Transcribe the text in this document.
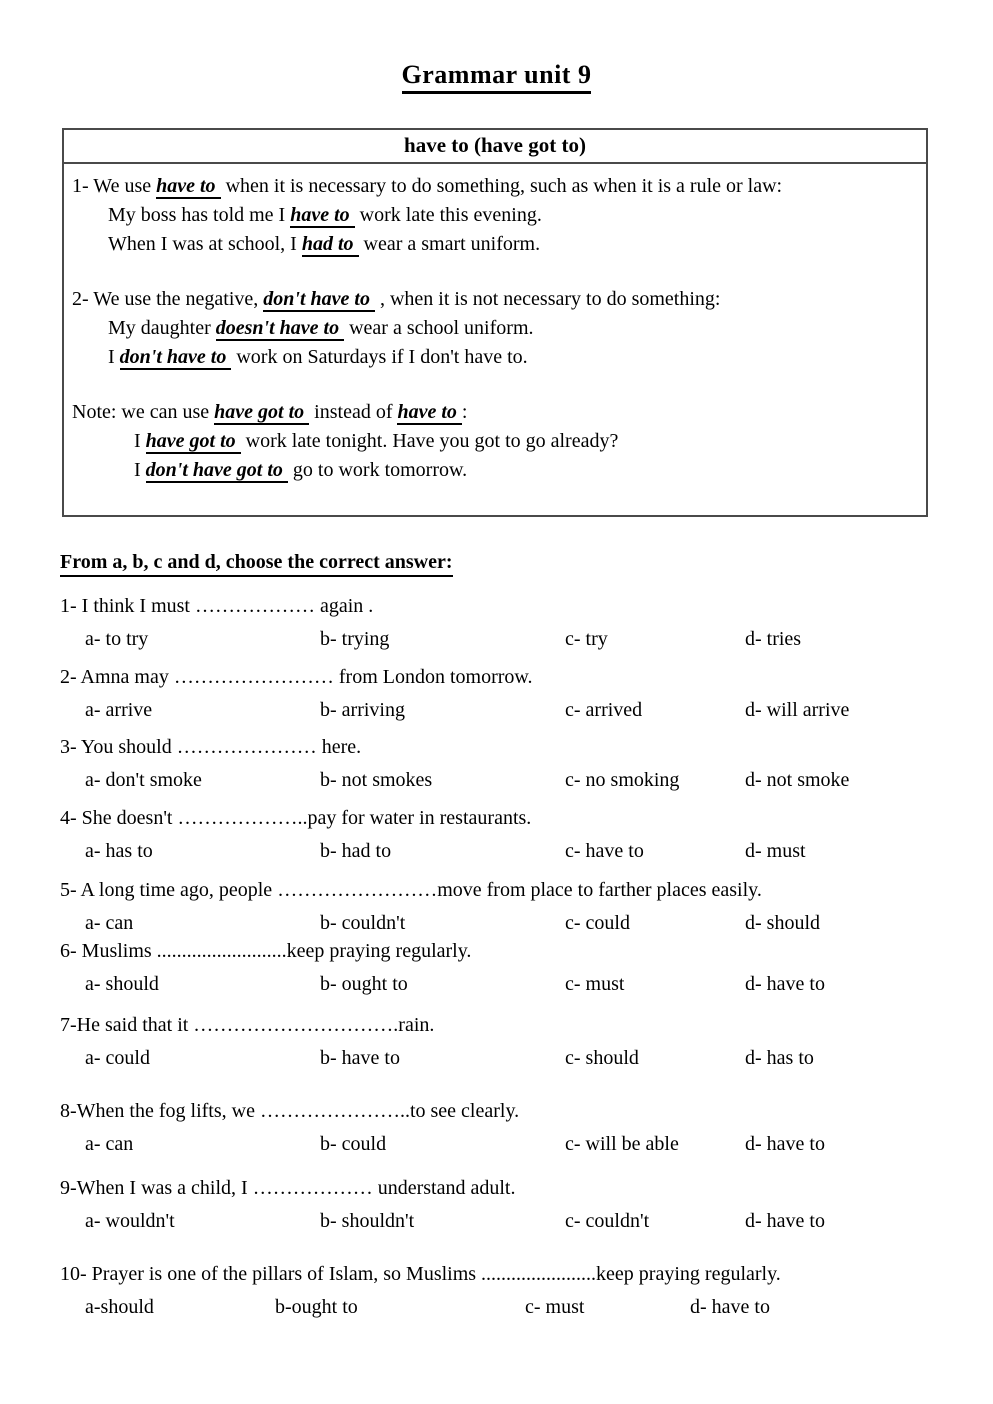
Grammar unit 9
have to (have got to)
1- We use have to when it is necessary to do something, such as when it is a rule or law:
My boss has told me I have to work late this evening.
When I was at school, I had to wear a smart uniform.
2- We use the negative, don't have to , when it is not necessary to do something:
My daughter doesn't have to wear a school uniform.
I don't have to work on Saturdays if I don't have to.
Note: we can use have got to instead of have to :
I have got to work late tonight. Have you got to go already?
I don't have got to go to work tomorrow.
From a, b, c and d, choose the correct answer:
1- I think I must ……………… again .
a- to try	b- trying	c- try	d- tries
2- Amna may …………………… from London tomorrow.
a- arrive	b- arriving	c- arrived	d- will arrive
3- You should ………………… here.
a- don't smoke	b- not smokes	c- no smoking	d- not smoke
4- She doesn't ………………..pay for water in restaurants.
a- has to	b- had to	c- have to	d- must
5- A long time ago, people ……………………move from place to farther places easily.
a- can	b- couldn't	c- could	d- should
6- Muslims ..........................keep praying regularly.
a- should	b- ought to	c- must	d- have to
7-He said that it ………………………….rain.
a- could	b- have to	c- should	d- has to
8-When the fog lifts, we …………………..to see clearly.
a- can	b- could	c- will be able	d- have to
9-When I was a child, I ……………… understand adult.
a- wouldn't	b- shouldn't	c- couldn't	d- have to
10- Prayer is one of the pillars of Islam, so Muslims .......................keep praying regularly.
a-should	b-ought to	c- must	d- have to
